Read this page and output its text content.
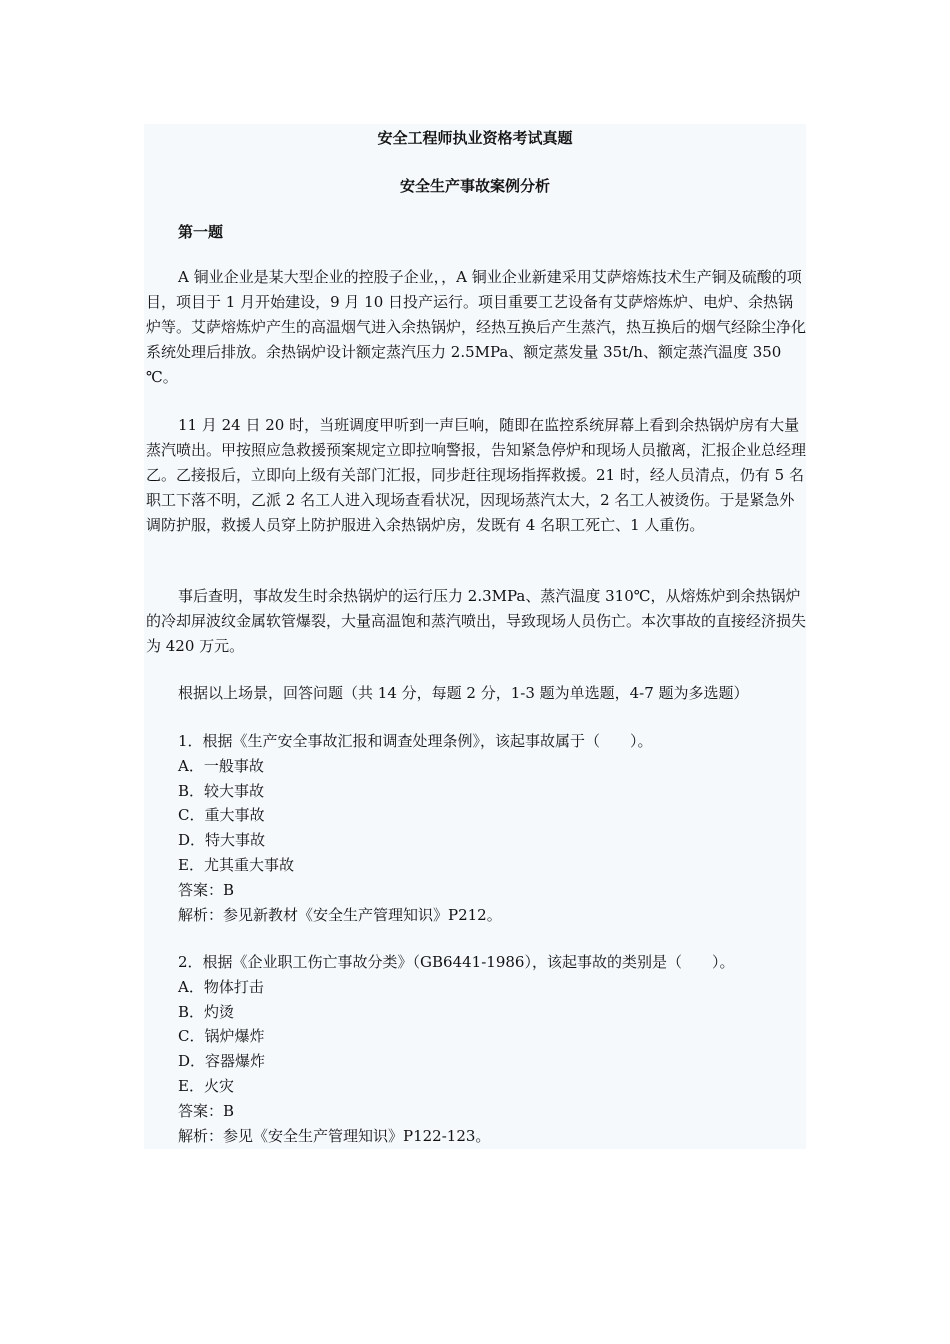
安全工程师执业资格考试真题

安全生产事故案例分析

第一题

A 铜业企业是某大型企业的控股子企业，，A 铜业企业新建采用艾萨熔炼技术生产铜及硫酸的项目，项目于 1 月开始建设，9 月 10 日投产运行。项目重要工艺设备有艾萨熔炼炉、电炉、余热锅炉等。艾萨熔炼炉产生的高温烟气进入余热锅炉，经热互换后产生蒸汽，热互换后的烟气经除尘净化系统处理后排放。余热锅炉设计额定蒸汽压力 2.5MPa、额定蒸发量 35t/h、额定蒸汽温度 350 ℃。

11 月 24 日 20 时，当班调度甲听到一声巨响，随即在监控系统屏幕上看到余热锅炉房有大量蒸汽喷出。甲按照应急救援预案规定立即拉响警报，告知紧急停炉和现场人员撤离，汇报企业总经理乙。乙接报后，立即向上级有关部门汇报，同步赶往现场指挥救援。21 时，经人员清点，仍有 5 名职工下落不明，乙派 2 名工人进入现场查看状况，因现场蒸汽太大，2 名工人被烫伤。于是紧急外调防护服，救援人员穿上防护服进入余热锅炉房，发既有 4 名职工死亡、1 人重伤。

事后查明，事故发生时余热锅炉的运行压力 2.3MPa、蒸汽温度 310℃，从熔炼炉到余热锅炉的冷却屏波纹金属软管爆裂，大量高温饱和蒸汽喷出，导致现场人员伤亡。本次事故的直接经济损失为 420 万元。

根据以上场景，回答问题（共 14 分，每题 2 分，1-3 题为单选题，4-7 题为多选题）

1．根据《生产安全事故汇报和调查处理条例》，该起事故属于（　　）。
A．一般事故
B．较大事故
C．重大事故
D．特大事故
E．尤其重大事故
答案：B
解析：参见新教材《安全生产管理知识》P212。
2．根据《企业职工伤亡事故分类》（GB6441-1986），该起事故的类别是（　　）。
A．物体打击
B．灼烫
C．锅炉爆炸
D．容器爆炸
E．火灾
答案：B
解析：参见《安全生产管理知识》P122-123。
